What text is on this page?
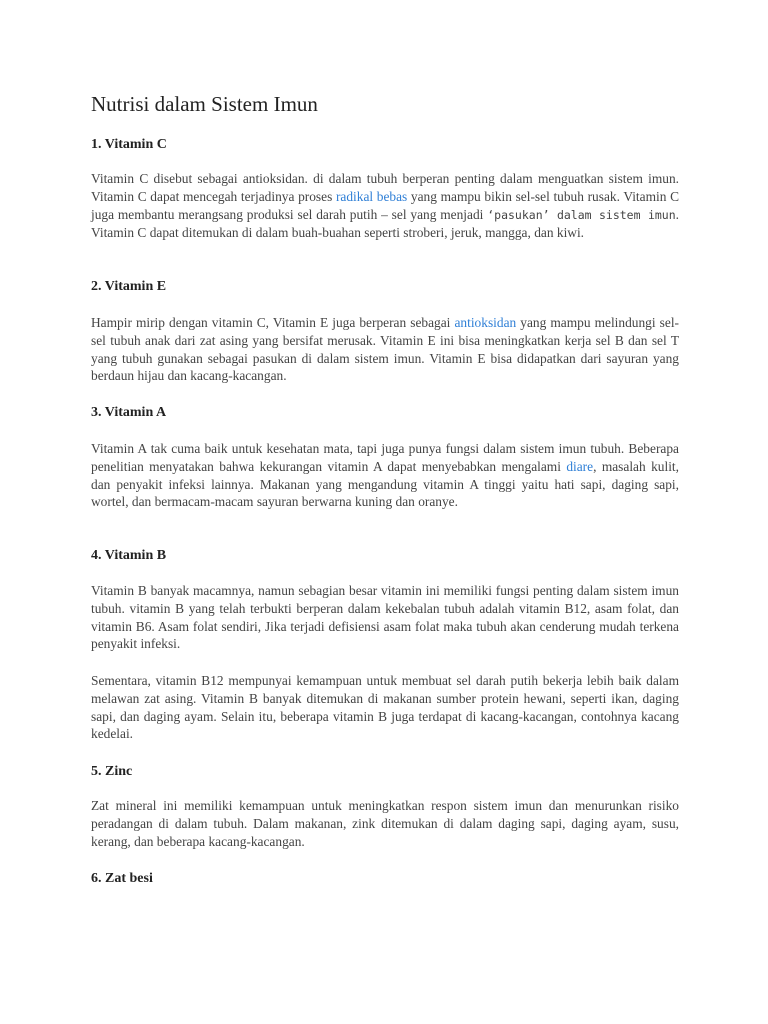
Nutrisi dalam Sistem Imun
1. Vitamin C

Vitamin C disebut sebagai antioksidan. di dalam tubuh berperan penting dalam menguatkan sistem imun. Vitamin C dapat mencegah terjadinya proses radikal bebas yang mampu bikin sel-sel tubuh rusak. Vitamin C juga membantu merangsang produksi sel darah putih – sel yang menjadi ‘pasukan’ dalam sistem imun. Vitamin C dapat ditemukan di dalam buah-buahan seperti stroberi, jeruk, mangga, dan kiwi.

2. Vitamin E

Hampir mirip dengan vitamin C, Vitamin E juga berperan sebagai antioksidan yang mampu melindungi sel-sel tubuh anak dari zat asing yang bersifat merusak. Vitamin E ini bisa meningkatkan kerja sel B dan sel T yang tubuh gunakan sebagai pasukan di dalam sistem imun. Vitamin E bisa didapatkan dari sayuran yang berdaun hijau dan kacang-kacangan.

3. Vitamin A

Vitamin A tak cuma baik untuk kesehatan mata, tapi juga punya fungsi dalam sistem imun tubuh. Beberapa penelitian menyatakan bahwa kekurangan vitamin A dapat menyebabkan mengalami diare, masalah kulit, dan penyakit infeksi lainnya. Makanan yang mengandung vitamin A tinggi yaitu hati sapi, daging sapi, wortel, dan bermacam-macam sayuran berwarna kuning dan oranye.

4. Vitamin B

Vitamin B banyak macamnya, namun sebagian besar vitamin ini memiliki fungsi penting dalam sistem imun tubuh. vitamin B yang telah terbukti berperan dalam kekebalan tubuh adalah vitamin B12, asam folat, dan vitamin B6. Asam folat sendiri, Jika terjadi defisiensi asam folat maka tubuh akan cenderung mudah terkena penyakit infeksi.

Sementara, vitamin B12 mempunyai kemampuan untuk membuat sel darah putih bekerja lebih baik dalam melawan zat asing. Vitamin B banyak ditemukan di makanan sumber protein hewani, seperti ikan, daging sapi, dan daging ayam. Selain itu, beberapa vitamin B juga terdapat di kacang-kacangan, contohnya kacang kedelai.

5. Zinc

Zat mineral ini memiliki kemampuan untuk meningkatkan respon sistem imun dan menurunkan risiko peradangan di dalam tubuh. Dalam makanan, zink ditemukan di dalam daging sapi, daging ayam, susu, kerang, dan beberapa kacang-kacangan.

6. Zat besi
